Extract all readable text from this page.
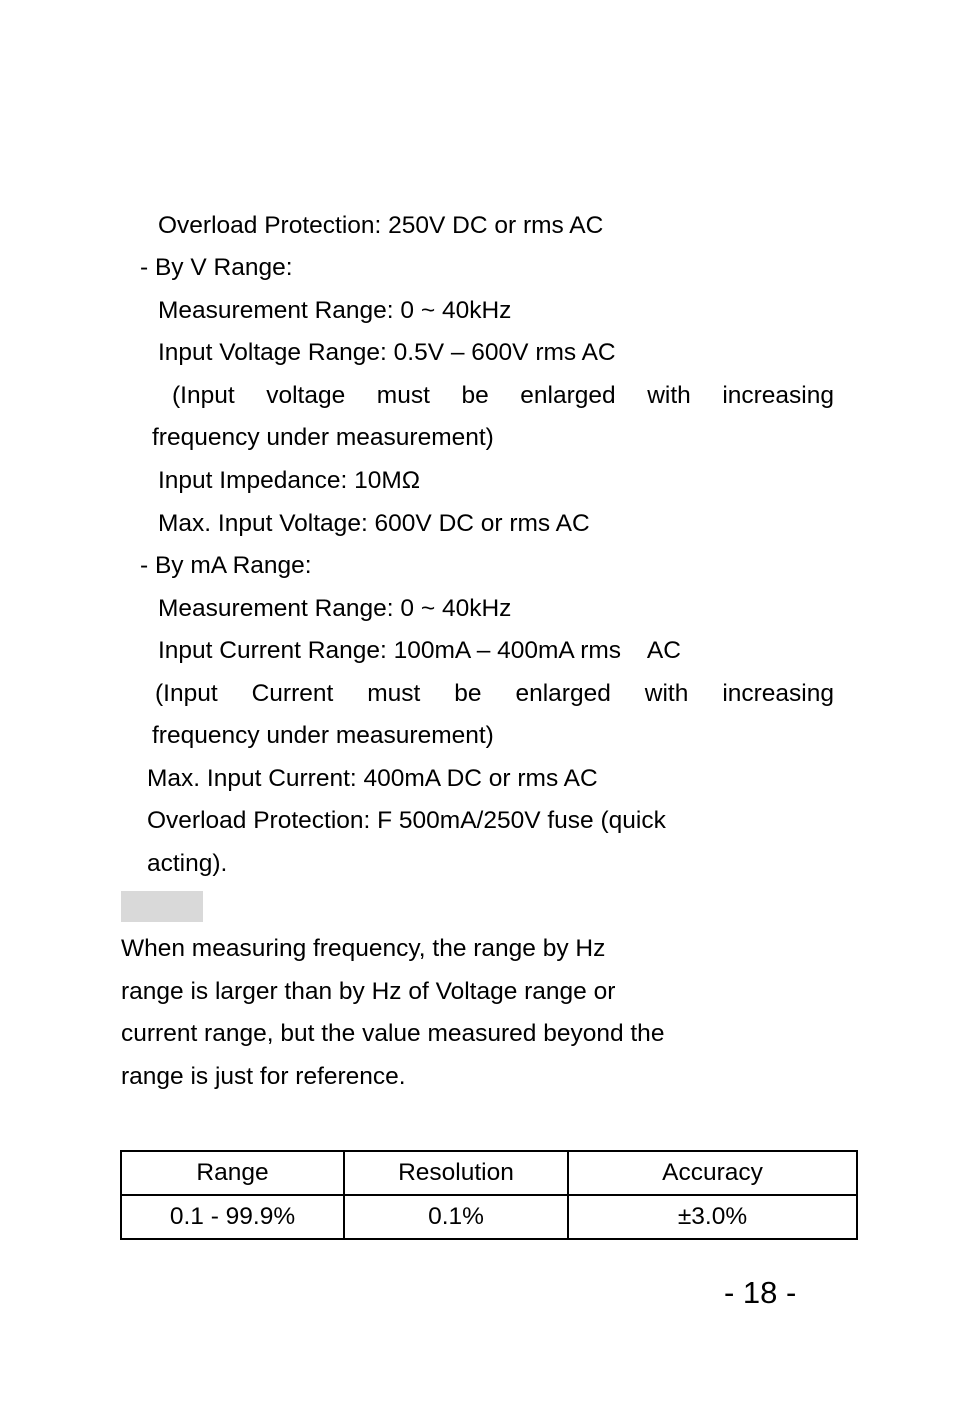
Overload Protection: 250V DC or rms AC
- By V Range:
Measurement Range: 0 ~ 40kHz
Input Voltage Range: 0.5V – 600V rms AC
(Input voltage must be enlarged with increasing
frequency under measurement)
Input Impedance: 10MΩ
Max. Input Voltage: 600V DC or rms AC
- By mA Range:
Measurement Range: 0 ~ 40kHz
Input Current Range: 100mA – 400mA rms    AC
(Input Current must be enlarged with increasing
frequency under measurement)
Max. Input Current: 400mA DC or rms AC
Overload Protection: F 500mA/250V fuse (quick
acting).
When measuring frequency, the range by Hz
range is larger than by Hz of Voltage range or
current range, but the value measured beyond the
range is just for reference.
Range	Resolution	Accuracy
0.1 - 99.9%	0.1%	±3.0%
- 18 -
